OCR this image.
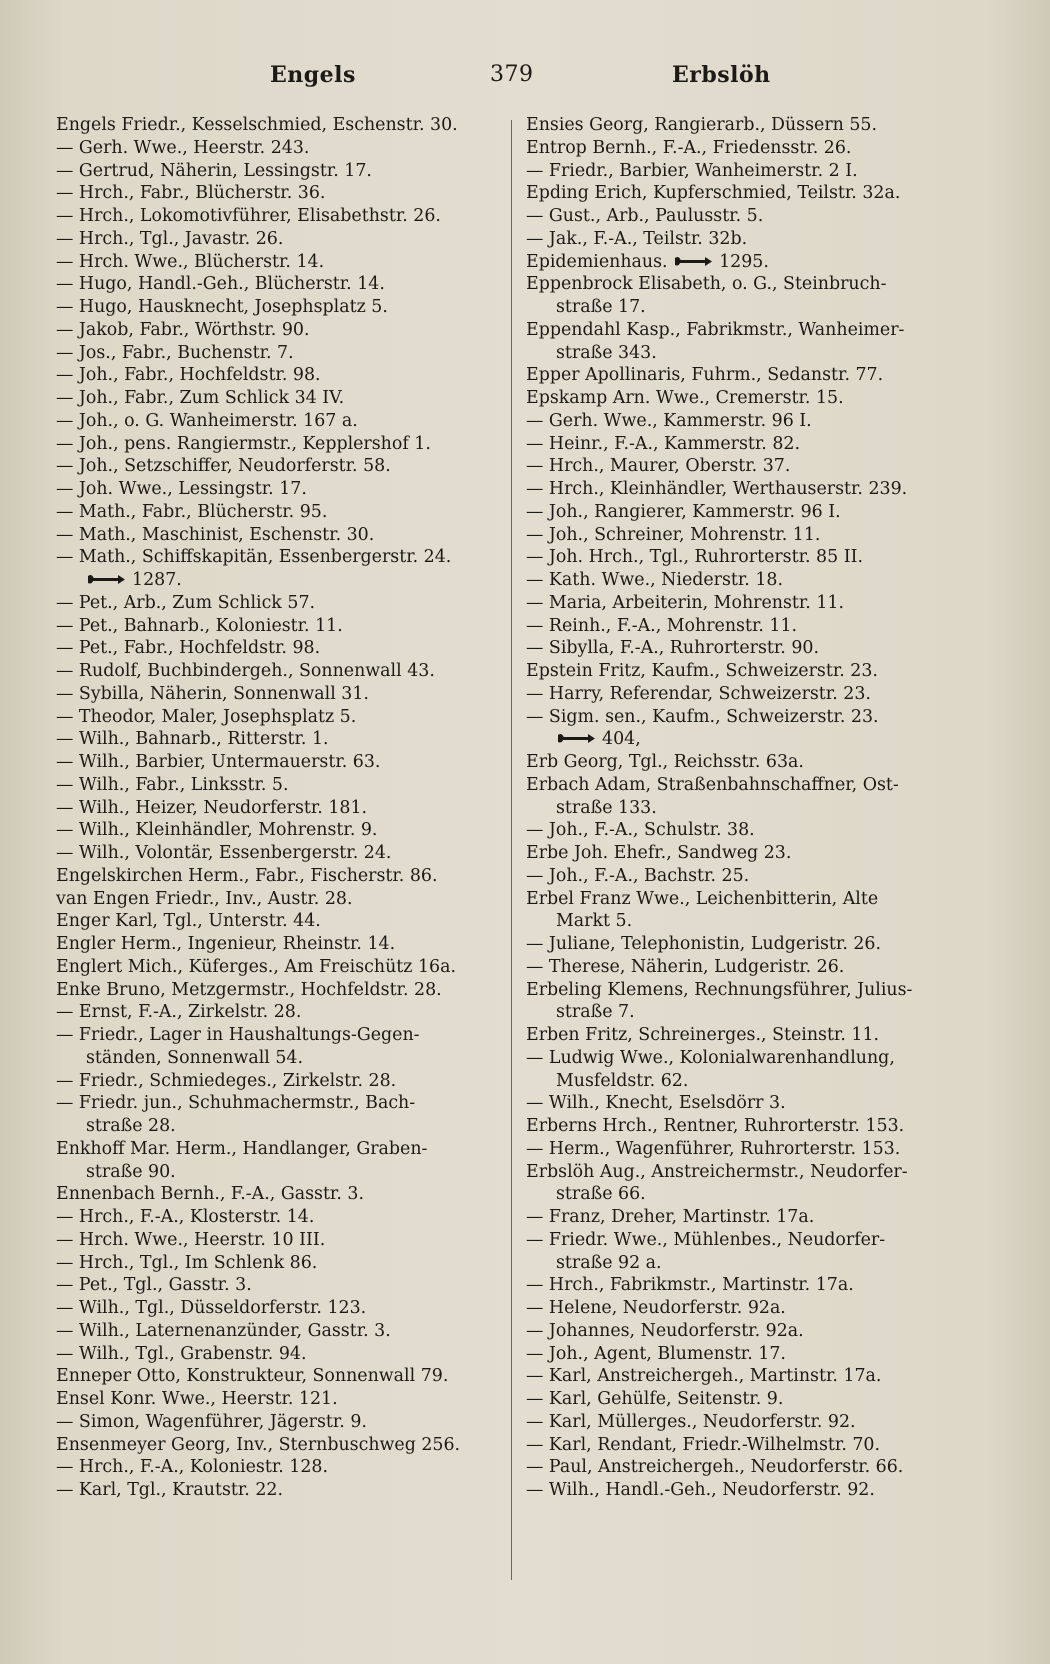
Engels	379	Erbslöh
Engels Friedr., Kesselschmied, Eschenstr. 30.
— Gerh. Wwe., Heerstr. 243.
— Gertrud, Näherin, Lessingstr. 17.
— Hrch., Fabr., Blücherstr. 36.
— Hrch., Lokomotivführer, Elisabethstr. 26.
— Hrch., Tgl., Javastr. 26.
— Hrch. Wwe., Blücherstr. 14.
— Hugo, Handl.-Geh., Blücherstr. 14.
— Hugo, Hausknecht, Josephsplatz 5.
— Jakob, Fabr., Wörthstr. 90.
— Jos., Fabr., Buchenstr. 7.
— Joh., Fabr., Hochfeldstr. 98.
— Joh., Fabr., Zum Schlick 34 IV.
— Joh., o. G. Wanheimerstr. 167 a.
— Joh., pens. Rangiermstr., Kepplershof 1.
— Joh., Setzschiffer, Neudorferstr. 58.
— Joh. Wwe., Lessingstr. 17.
— Math., Fabr., Blücherstr. 95.
— Math., Maschinist, Eschenstr. 30.
— Math., Schiffskapitän, Essenbergerstr. 24.
1287.
— Pet., Arb., Zum Schlick 57.
— Pet., Bahnarb., Koloniestr. 11.
— Pet., Fabr., Hochfeldstr. 98.
— Rudolf, Buchbindergeh., Sonnenwall 43.
— Sybilla, Näherin, Sonnenwall 31.
— Theodor, Maler, Josephsplatz 5.
— Wilh., Bahnarb., Ritterstr. 1.
— Wilh., Barbier, Untermauerstr. 63.
— Wilh., Fabr., Linksstr. 5.
— Wilh., Heizer, Neudorferstr. 181.
— Wilh., Kleinhändler, Mohrenstr. 9.
— Wilh., Volontär, Essenbergerstr. 24.
Engelskirchen Herm., Fabr., Fischerstr. 86.
van Engen Friedr., Inv., Austr. 28.
Enger Karl, Tgl., Unterstr. 44.
Engler Herm., Ingenieur, Rheinstr. 14.
Englert Mich., Küferges., Am Freischütz 16a.
Enke Bruno, Metzgermstr., Hochfeldstr. 28.
— Ernst, F.-A., Zirkelstr. 28.
— Friedr., Lager in Haushaltungs-Gegen-
ständen, Sonnenwall 54.
— Friedr., Schmiedeges., Zirkelstr. 28.
— Friedr. jun., Schuhmachermstr., Bach-
straße 28.
Enkhoff Mar. Herm., Handlanger, Graben-
straße 90.
Ennenbach Bernh., F.-A., Gasstr. 3.
— Hrch., F.-A., Klosterstr. 14.
— Hrch. Wwe., Heerstr. 10 III.
— Hrch., Tgl., Im Schlenk 86.
— Pet., Tgl., Gasstr. 3.
— Wilh., Tgl., Düsseldorferstr. 123.
— Wilh., Laternenanzünder, Gasstr. 3.
— Wilh., Tgl., Grabenstr. 94.
Enneper Otto, Konstrukteur, Sonnenwall 79.
Ensel Konr. Wwe., Heerstr. 121.
— Simon, Wagenführer, Jägerstr. 9.
Ensenmeyer Georg, Inv., Sternbuschweg 256.
— Hrch., F.-A., Koloniestr. 128.
— Karl, Tgl., Krautstr. 22.
Ensies Georg, Rangierarb., Düssern 55.
Entrop Bernh., F.-A., Friedensstr. 26.
— Friedr., Barbier, Wanheimerstr. 2 I.
Epding Erich, Kupferschmied, Teilstr. 32a.
— Gust., Arb., Paulusstr. 5.
— Jak., F.-A., Teilstr. 32b.
Epidemienhaus.	1295.
Eppenbrock Elisabeth, o. G., Steinbruch-
straße 17.
Eppendahl Kasp., Fabrikmstr., Wanheimer-
straße 343.
Epper Apollinaris, Fuhrm., Sedanstr. 77.
Epskamp Arn. Wwe., Cremerstr. 15.
— Gerh. Wwe., Kammerstr. 96 I.
— Heinr., F.-A., Kammerstr. 82.
— Hrch., Maurer, Oberstr. 37.
— Hrch., Kleinhändler, Werthauserstr. 239.
— Joh., Rangierer, Kammerstr. 96 I.
— Joh., Schreiner, Mohrenstr. 11.
— Joh. Hrch., Tgl., Ruhrorterstr. 85 II.
— Kath. Wwe., Niederstr. 18.
— Maria, Arbeiterin, Mohrenstr. 11.
— Reinh., F.-A., Mohrenstr. 11.
— Sibylla, F.-A., Ruhrorterstr. 90.
Epstein Fritz, Kaufm., Schweizerstr. 23.
— Harry, Referendar, Schweizerstr. 23.
— Sigm. sen., Kaufm., Schweizerstr. 23.
404,
Erb Georg, Tgl., Reichsstr. 63a.
Erbach Adam, Straßenbahnschaffner, Ost-
straße 133.
— Joh., F.-A., Schulstr. 38.
Erbe Joh. Ehefr., Sandweg 23.
— Joh., F.-A., Bachstr. 25.
Erbel Franz Wwe., Leichenbitterin, Alte
Markt 5.
— Juliane, Telephonistin, Ludgeristr. 26.
— Therese, Näherin, Ludgeristr. 26.
Erbeling Klemens, Rechnungsführer, Julius-
straße 7.
Erben Fritz, Schreinerges., Steinstr. 11.
— Ludwig Wwe., Kolonialwarenhandlung,
Musfeldstr. 62.
— Wilh., Knecht, Eselsdörr 3.
Erberns Hrch., Rentner, Ruhrorterstr. 153.
— Herm., Wagenführer, Ruhrorterstr. 153.
Erbslöh Aug., Anstreichermstr., Neudorfer-
straße 66.
— Franz, Dreher, Martinstr. 17a.
— Friedr. Wwe., Mühlenbes., Neudorfer-
straße 92 a.
— Hrch., Fabrikmstr., Martinstr. 17a.
— Helene, Neudorferstr. 92a.
— Johannes, Neudorferstr. 92a.
— Joh., Agent, Blumenstr. 17.
— Karl, Anstreichergeh., Martinstr. 17a.
— Karl, Gehülfe, Seitenstr. 9.
— Karl, Müllerges., Neudorferstr. 92.
— Karl, Rendant, Friedr.-Wilhelmstr. 70.
— Paul, Anstreichergeh., Neudorferstr. 66.
— Wilh., Handl.-Geh., Neudorferstr. 92.
